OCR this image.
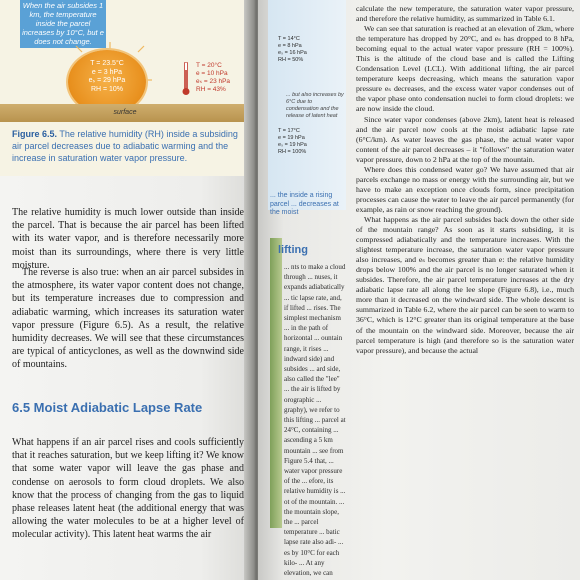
When the air subsides 1 km, the temperature inside the parcel increases by 10°C, but e does not change.
T = 23.5°C
e = 3 hPa
eₛ = 29 hPa
RH = 10%
T = 20°C
e = 10 hPa
eₛ = 23 hPa
RH = 43%
surface
Figure 6.5. The relative humidity (RH) inside a subsiding air parcel decreases due to adiabatic warming and the increase in saturation water vapor pressure.
The relative humidity is much lower outside than inside the parcel. That is because the air parcel has been lifted with its water vapor, and is therefore necessarily more moist than its surroundings, where there is very little moisture.
The reverse is also true: when an air parcel subsides in the atmosphere, its water vapor content does not change, but its temperature increases due to compression and adiabatic warming, which increases its saturation water vapor pressure (Figure 6.5). As a result, the relative humidity decreases. We will see that these circumstances are typical of anticyclones, as well as the downwind side of mountains.
6.5 Moist Adiabatic Lapse Rate
What happens if an air parcel rises and cools sufficiently that it reaches saturation, but we keep lifting it? We know that some water vapor will leave the gas phase and condense on aerosols to form cloud droplets. We also know that the process of changing from the gas to liquid phase releases latent heat (the additional energy that was allowing the water molecules to be at a higher level of molecular activity). This latent heat warms the air
T = 14°C
e = 8 hPa
eₛ = 16 hPa
RH = 50%
... but also increases by 6°C due to condensation and the release of latent heat
T = 17°C
e = 19 hPa
eₛ = 19 hPa
RH = 100%
... the inside a rising parcel ... decreases at the moist
lifting
... nts to make a cloud through ... nuses, it expands adiabatically ... tic lapse rate, and, if lifted ... rises. The simplest mechanism ... in the path of horizontal ... ountain range, it rises ... indward side) and subsides ... ard side, also called the "lee" ... the air is lifted by orographic ... graphy), we refer to this lifting ... parcel at 24°C, containing ... ascending a 5 km mountain ... see from Figure 5.4 that, ... water vapor pressure of the ... efore, its relative humidity is ... ot of the mountain. ... the mountain slope, the ... parcel temperature ... batic lapse rate also adi- ... es by 10°C for each kilo- ... At any elevation, we can

calculate the new temperature, the saturation water vapor pressure, and therefore the relative humidity, as summarized in Table 6.1.

We can see that saturation is reached at an elevation of 2km, where the temperature has dropped by 20°C, and eₛ has dropped to 8 hPa, becoming equal to the actual water vapor pressure (RH = 100%). This is the altitude of the cloud base and is called the Lifting Condensation Level (LCL). With additional lifting, the air parcel temperature keeps decreasing, which means the saturation vapor pressure eₛ decreases, and the excess water vapor condenses out of the vapor phase onto condensation nuclei to form cloud droplets: we are now inside the cloud.

Since water vapor condenses (above 2km), latent heat is released and the air parcel now cools at the moist adiabatic lapse rate (6°C/km). As water leaves the gas phase, the actual water vapor content of the air parcel decreases – it "follows" the saturation water vapor pressure, down to 2 hPa at the top of the mountain.

Where does this condensed water go? We have assumed that air parcels exchange no mass or energy with the surrounding air, but we have to make an exception once clouds form, since precipitation processes can cause the water to leave the air parcel permanently (for example, as rain or snow reaching the ground).

What happens as the air parcel subsides back down the other side of the mountain range? As soon as it starts subsiding, it is compressed adiabatically and the temperature increases. With the slightest temperature increase, the saturation water vapor pressure also increases, and eₛ becomes greater than e: the relative humidity drops below 100% and the air parcel is no longer saturated when it subsides. Therefore, the air parcel temperature increases at the dry adiabatic lapse rate all along the lee slope (Figure 6.8), i.e., much more than it decreased on the windward side. The whole descent is summarized in Table 6.2, where the air parcel can be seen to warm to 36°C, which is 12°C greater than its original temperature at the base of the mountain on the windward side. Moreover, because the air parcel temperature is high (and therefore so is the saturation water vapor pressure), and because the actual
